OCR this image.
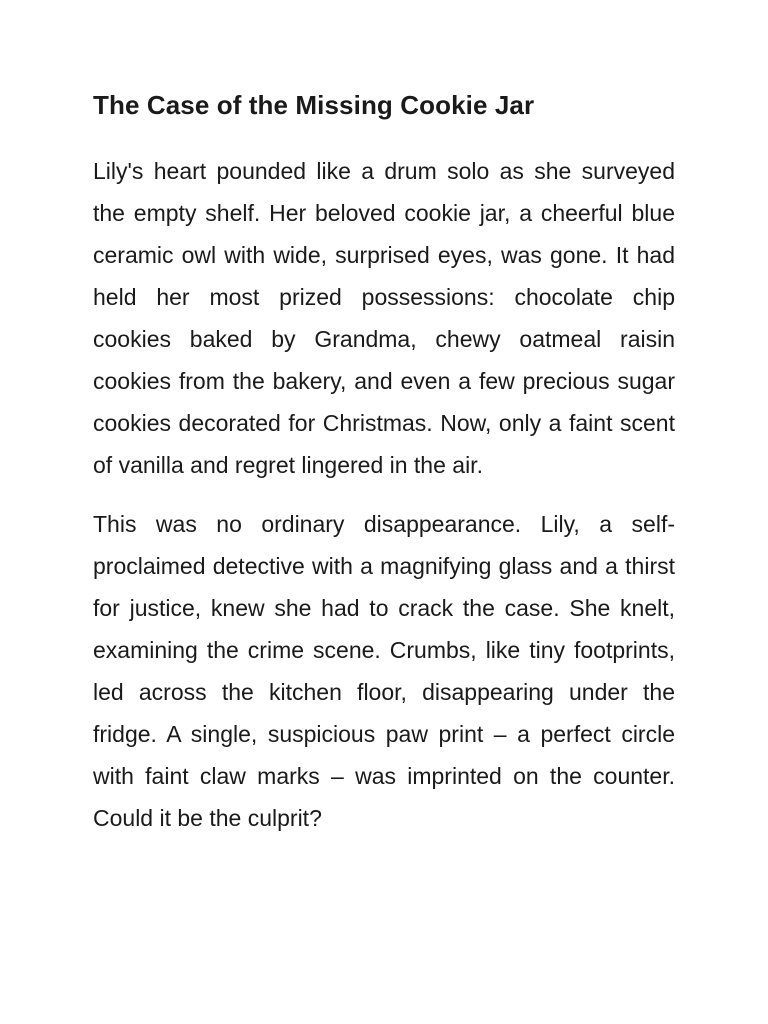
The Case of the Missing Cookie Jar

Lily's heart pounded like a drum solo as she surveyed the empty shelf. Her beloved cookie jar, a cheerful blue ceramic owl with wide, surprised eyes, was gone. It had held her most prized possessions: chocolate chip cookies baked by Grandma, chewy oatmeal raisin cookies from the bakery, and even a few precious sugar cookies decorated for Christmas. Now, only a faint scent of vanilla and regret lingered in the air.

This was no ordinary disappearance. Lily, a self-proclaimed detective with a magnifying glass and a thirst for justice, knew she had to crack the case. She knelt, examining the crime scene. Crumbs, like tiny footprints, led across the kitchen floor, disappearing under the fridge. A single, suspicious paw print – a perfect circle with faint claw marks – was imprinted on the counter. Could it be the culprit?
